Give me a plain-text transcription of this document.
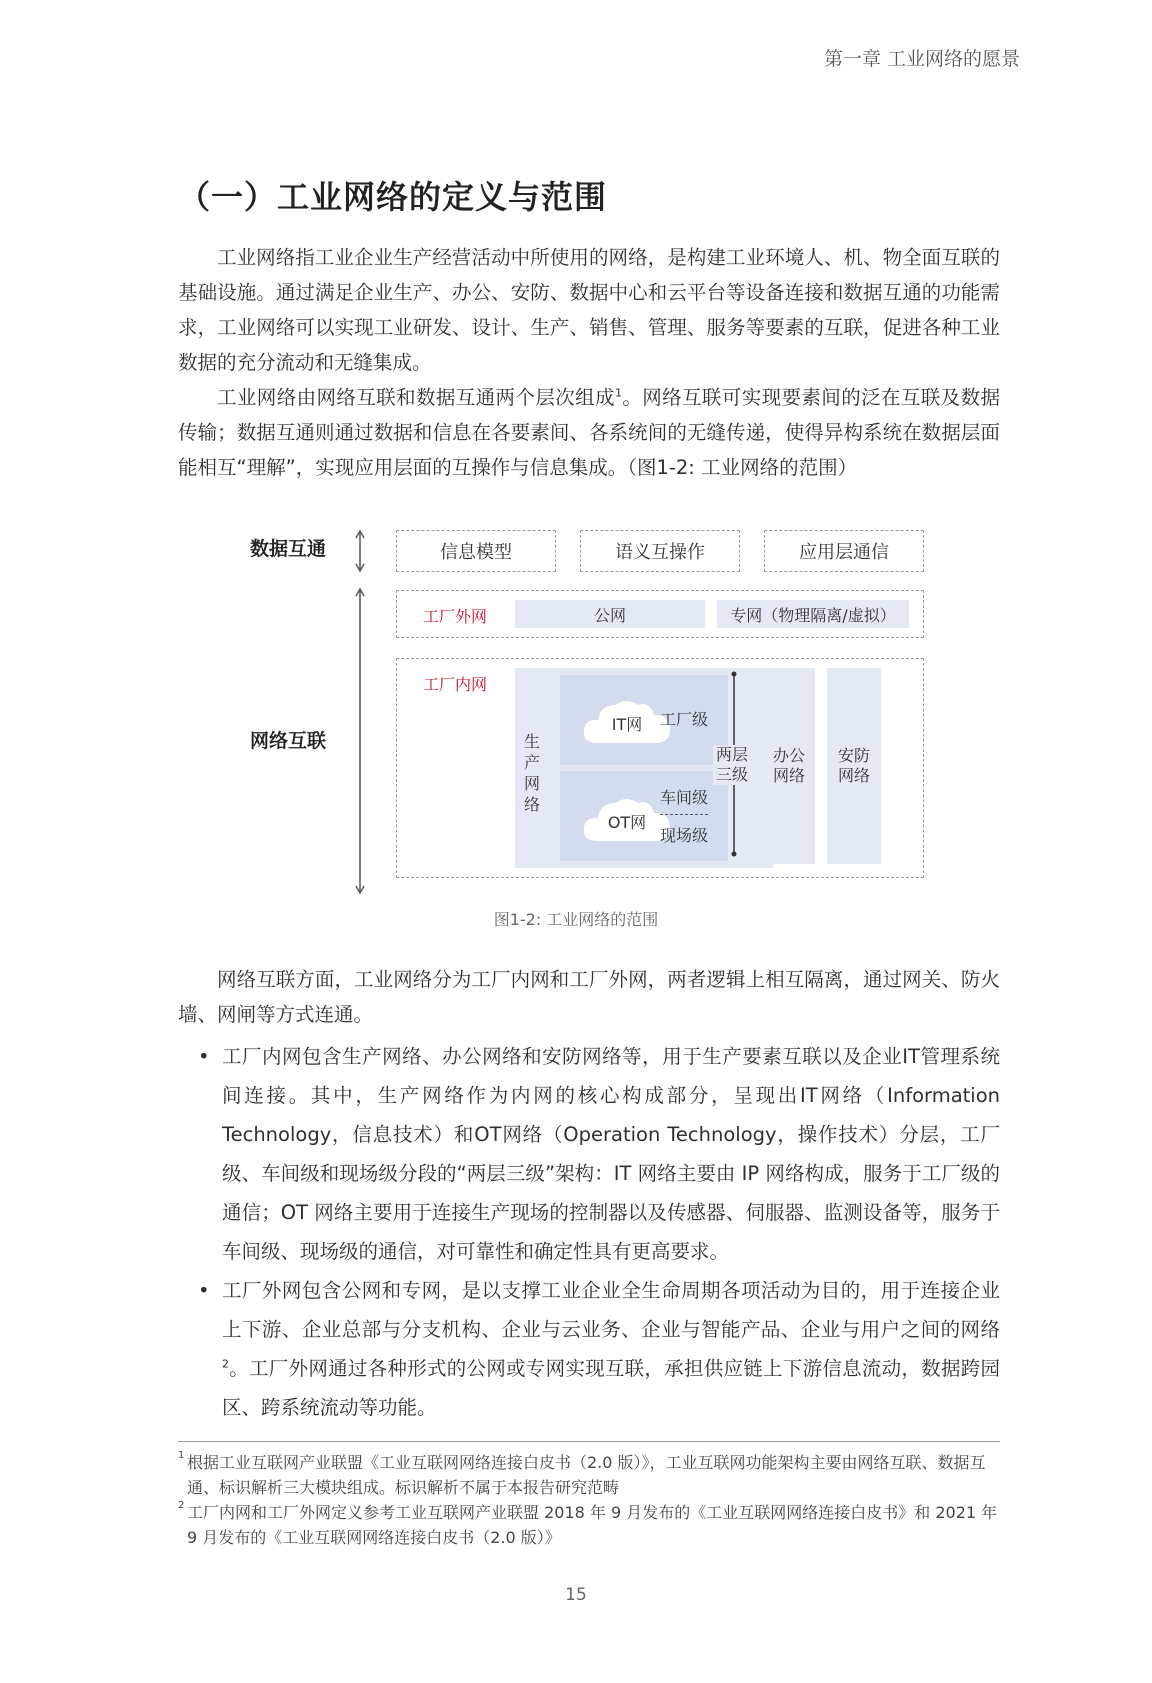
第一章 工业网络的愿景
（一）工业网络的定义与范围

工业网络指工业企业生产经营活动中所使用的网络，是构建工业环境人、机、物全面互联的基础设施。通过满足企业生产、办公、安防、数据中心和云平台等设备连接和数据互通的功能需求，工业网络可以实现工业研发、设计、生产、销售、管理、服务等要素的互联，促进各种工业数据的充分流动和无缝集成。

工业网络由网络互联和数据互通两个层次组成$^1$。网络互联可实现要素间的泛在互联及数据传输；数据互通则通过数据和信息在各要素间、各系统间的无缝传递，使得异构系统在数据层面能相互“理解”，实现应用层面的互操作与信息集成。（图1-2: 工业网络的范围）

数据互通
网络互联
信息模型	语义互操作	应用层通信
工厂外网	公网	专网（物理隔离/虚拟）
工厂内网
生产网络
IT网	工厂级
OT网
车间级
现场级
两层三级
办公网络
安防网络
图1-2: 工业网络的范围

网络互联方面，工业网络分为工厂内网和工厂外网，两者逻辑上相互隔离，通过网关、防火墙、网闸等方式连通。

• 工厂内网包含生产网络、办公网络和安防网络等，用于生产要素互联以及企业IT管理系统间连接。其中，生产网络作为内网的核心构成部分，呈现出IT网络（Information Technology，信息技术）和OT网络（Operation Technology，操作技术）分层，工厂级、车间级和现场级分段的“两层三级”架构：IT 网络主要由 IP 网络构成，服务于工厂级的通信；OT 网络主要用于连接生产现场的控制器以及传感器、伺服器、监测设备等，服务于车间级、现场级的通信，对可靠性和确定性具有更高要求。

• 工厂外网包含公网和专网，是以支撑工业企业全生命周期各项活动为目的，用于连接企业上下游、企业总部与分支机构、企业与云业务、企业与智能产品、企业与用户之间的网络$^2$。工厂外网通过各种形式的公网或专网实现互联，承担供应链上下游信息流动，数据跨园区、跨系统流动等功能。

1 根据工业互联网产业联盟《工业互联网网络连接白皮书（2.0 版）》，工业互联网功能架构主要由网络互联、数据互通、标识解析三大模块组成。标识解析不属于本报告研究范畴

2 工厂内网和工厂外网定义参考工业互联网产业联盟 2018 年 9 月发布的《工业互联网网络连接白皮书》和 2021 年 9 月发布的《工业互联网网络连接白皮书（2.0 版）》

15
